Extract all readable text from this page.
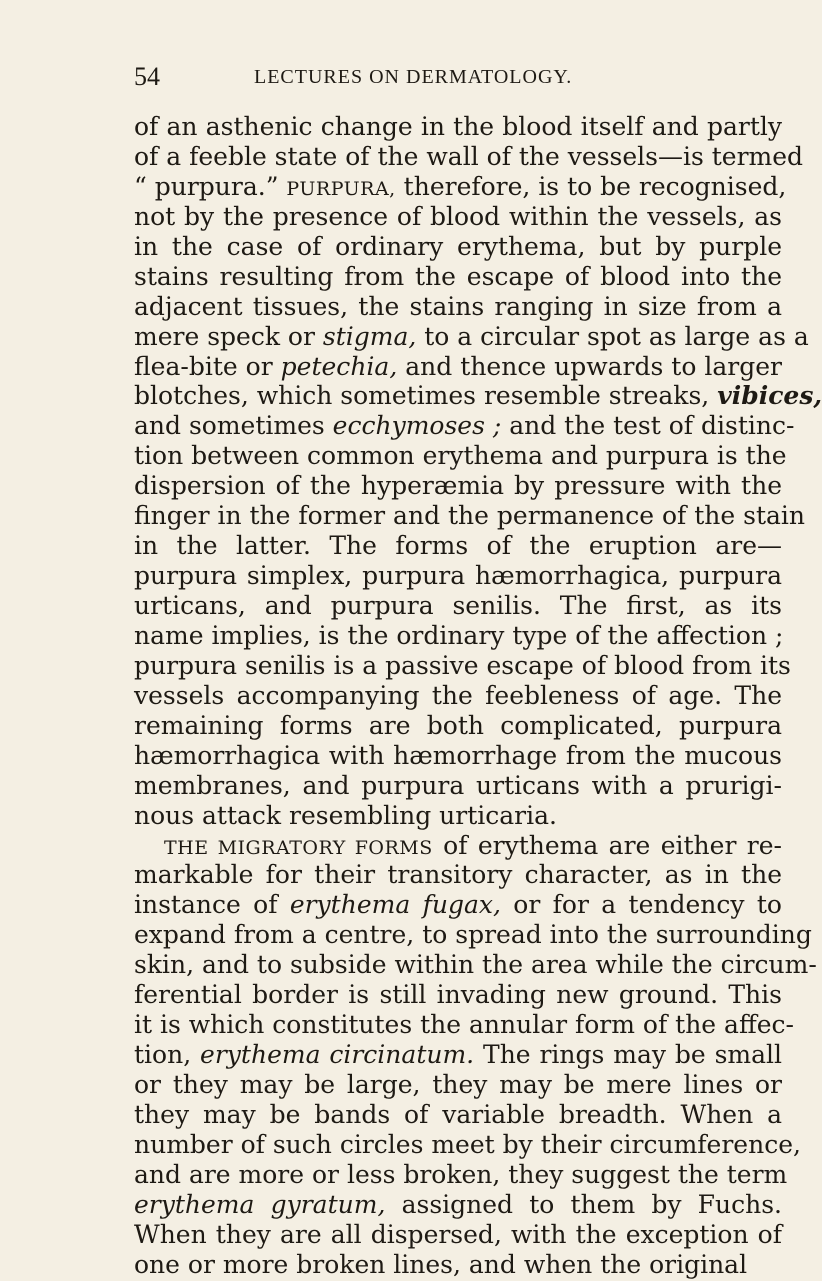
54	LECTURES ON DERMATOLOGY.
of an asthenic change in the blood itself and partly
of a feeble state of the wall of the vessels—is termed
“ purpura.” PURPURA, therefore, is to be recognised,
not by the presence of blood within the vessels, as
in the case of ordinary erythema, but by purple
stains resulting from the escape of blood into the
adjacent tissues, the stains ranging in size from a
mere speck or stigma, to a circular spot as large as a
flea-bite or petechia, and thence upwards to larger
blotches, which sometimes resemble streaks, vibices,
and sometimes ecchymoses ; and the test of distinc-
tion between common erythema and purpura is the
dispersion of the hyperæmia by pressure with the
finger in the former and the permanence of the stain
in the latter. The forms of the eruption are—
purpura simplex, purpura hæmorrhagica, purpura
urticans, and purpura senilis. The first, as its
name implies, is the ordinary type of the affection ;
purpura senilis is a passive escape of blood from its
vessels accompanying the feebleness of age. The
remaining forms are both complicated, purpura
hæmorrhagica with hæmorrhage from the mucous
membranes, and purpura urticans with a prurigi-
nous attack resembling urticaria.
THE MIGRATORY FORMS of erythema are either re-
markable for their transitory character, as in the
instance of erythema fugax, or for a tendency to
expand from a centre, to spread into the surrounding
skin, and to subside within the area while the circum-
ferential border is still invading new ground. This
it is which constitutes the annular form of the affec-
tion, erythema circinatum. The rings may be small
or they may be large, they may be mere lines or
they may be bands of variable breadth. When a
number of such circles meet by their circumference,
and are more or less broken, they suggest the term
erythema gyratum, assigned to them by Fuchs.
When they are all dispersed, with the exception of
one or more broken lines, and when the original
